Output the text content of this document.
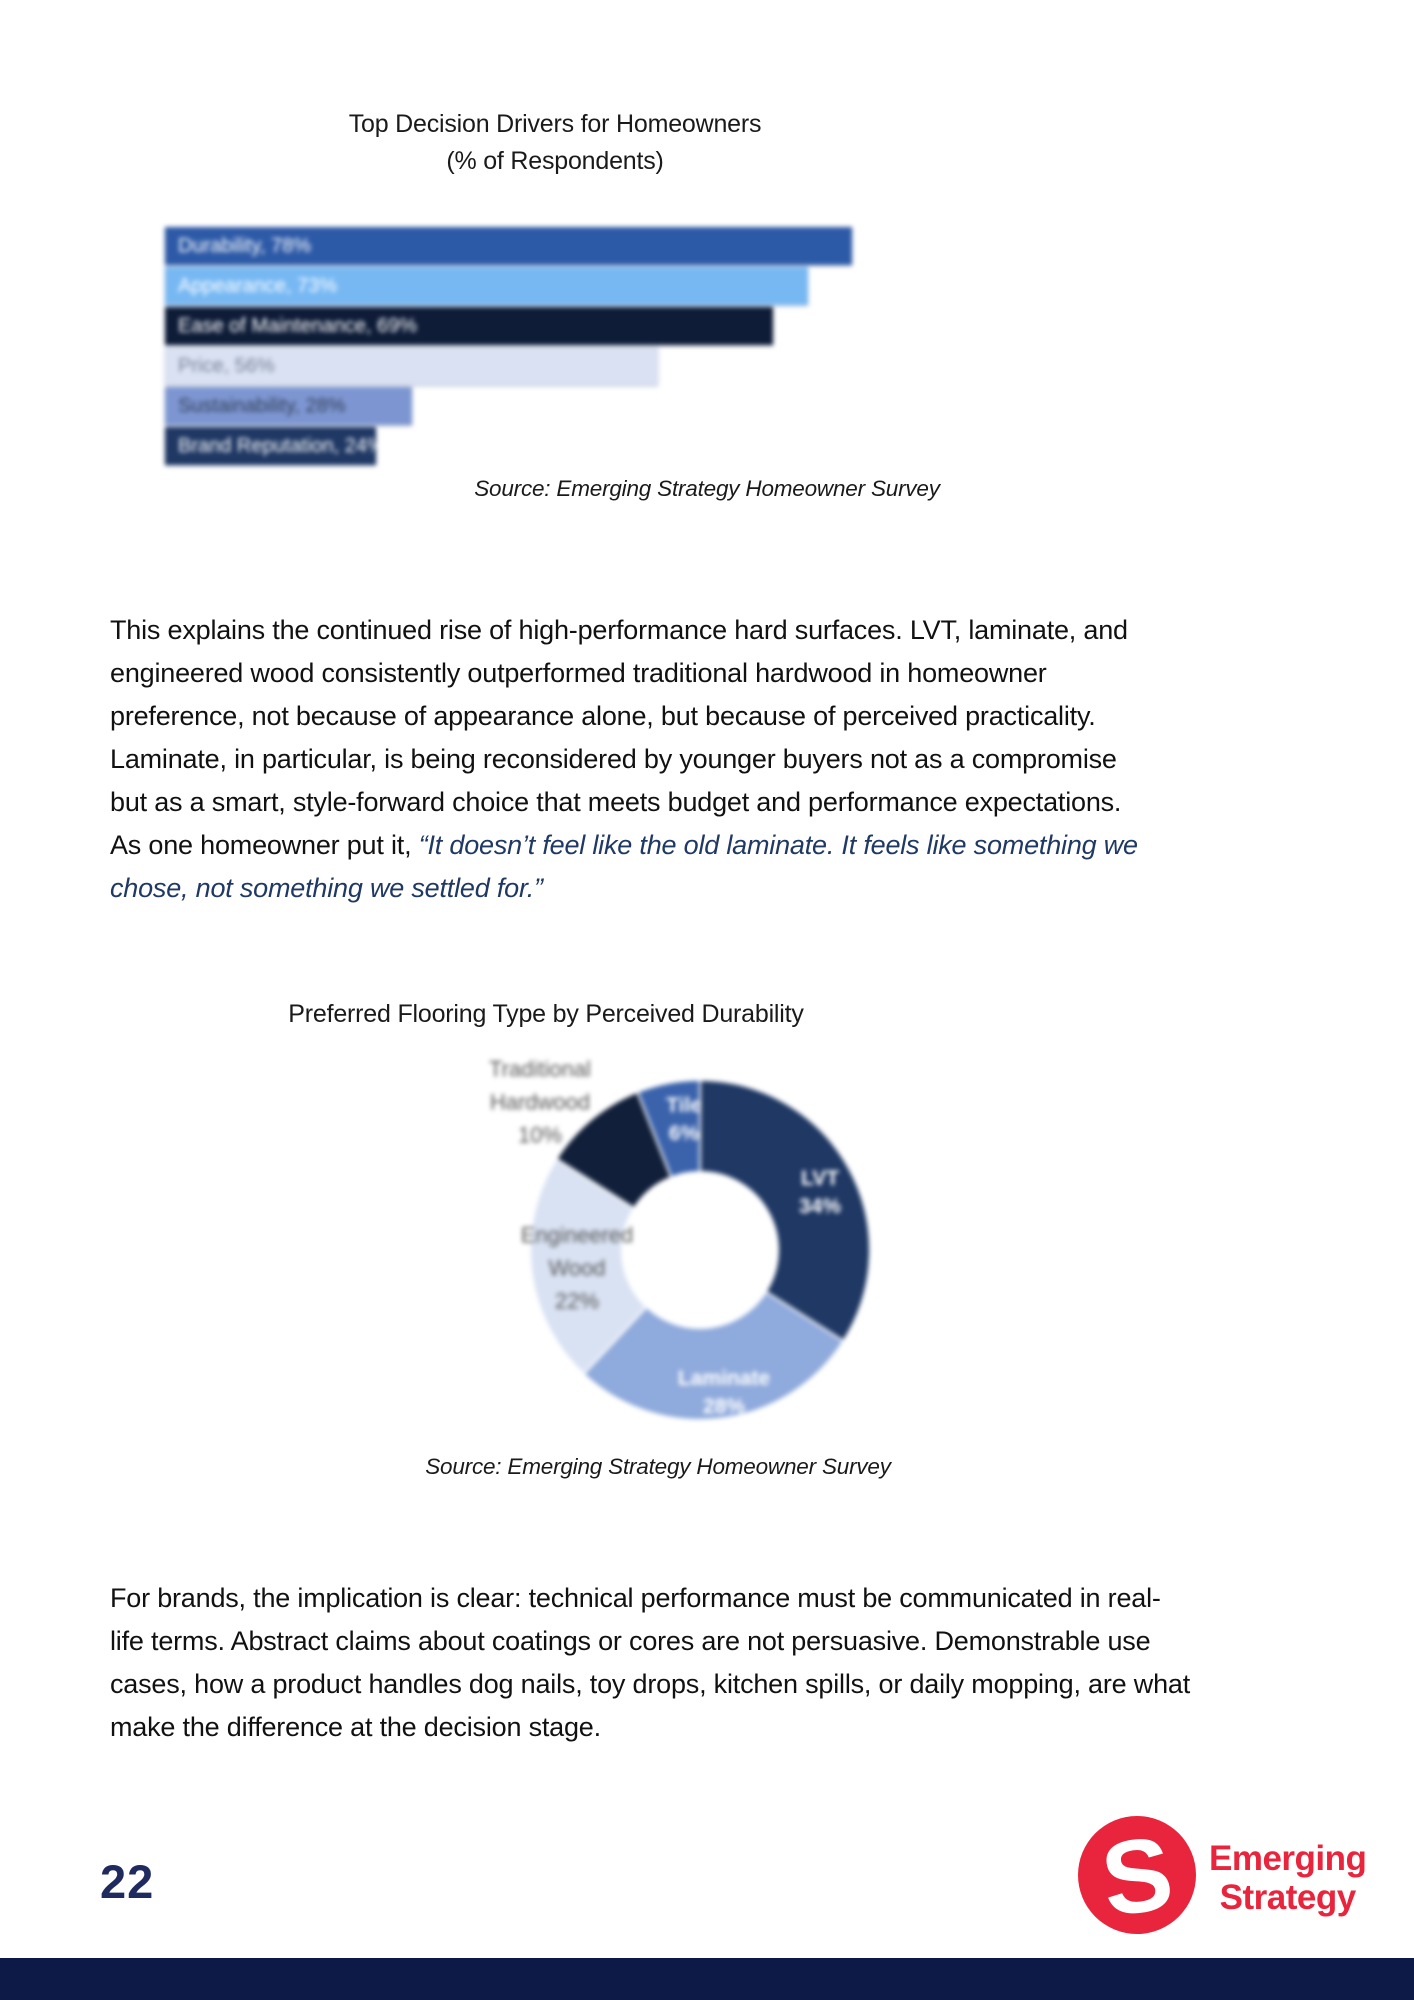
Top Decision Drivers for Homeowners
(% of Respondents)
Durability, 78%
Appearance, 73%
Ease of Maintenance, 69%
Price, 56%
Sustainability, 28%
Brand Reputation, 24%
Source: Emerging Strategy Homeowner Survey

This explains the continued rise of high-performance hard surfaces. LVT, laminate, and engineered wood consistently outperformed traditional hardwood in homeowner preference, not because of appearance alone, but because of perceived practicality. Laminate, in particular, is being reconsidered by younger buyers not as a compromise but as a smart, style-forward choice that meets budget and performance expectations. As one homeowner put it, “It doesn’t feel like the old laminate. It feels like something we chose, not something we settled for.”

Preferred Flooring Type by Perceived Durability
LVT
34%
Laminate
28%
Engineered
Wood
22%
Traditional
Hardwood
10%
Tile
6%
Source: Emerging Strategy Homeowner Survey

For brands, the implication is clear: technical performance must be communicated in real-life terms. Abstract claims about coatings or cores are not persuasive. Demonstrable use cases, how a product handles dog nails, toy drops, kitchen spills, or daily mopping, are what make the difference at the decision stage.

22	S Emerging
Strategy
